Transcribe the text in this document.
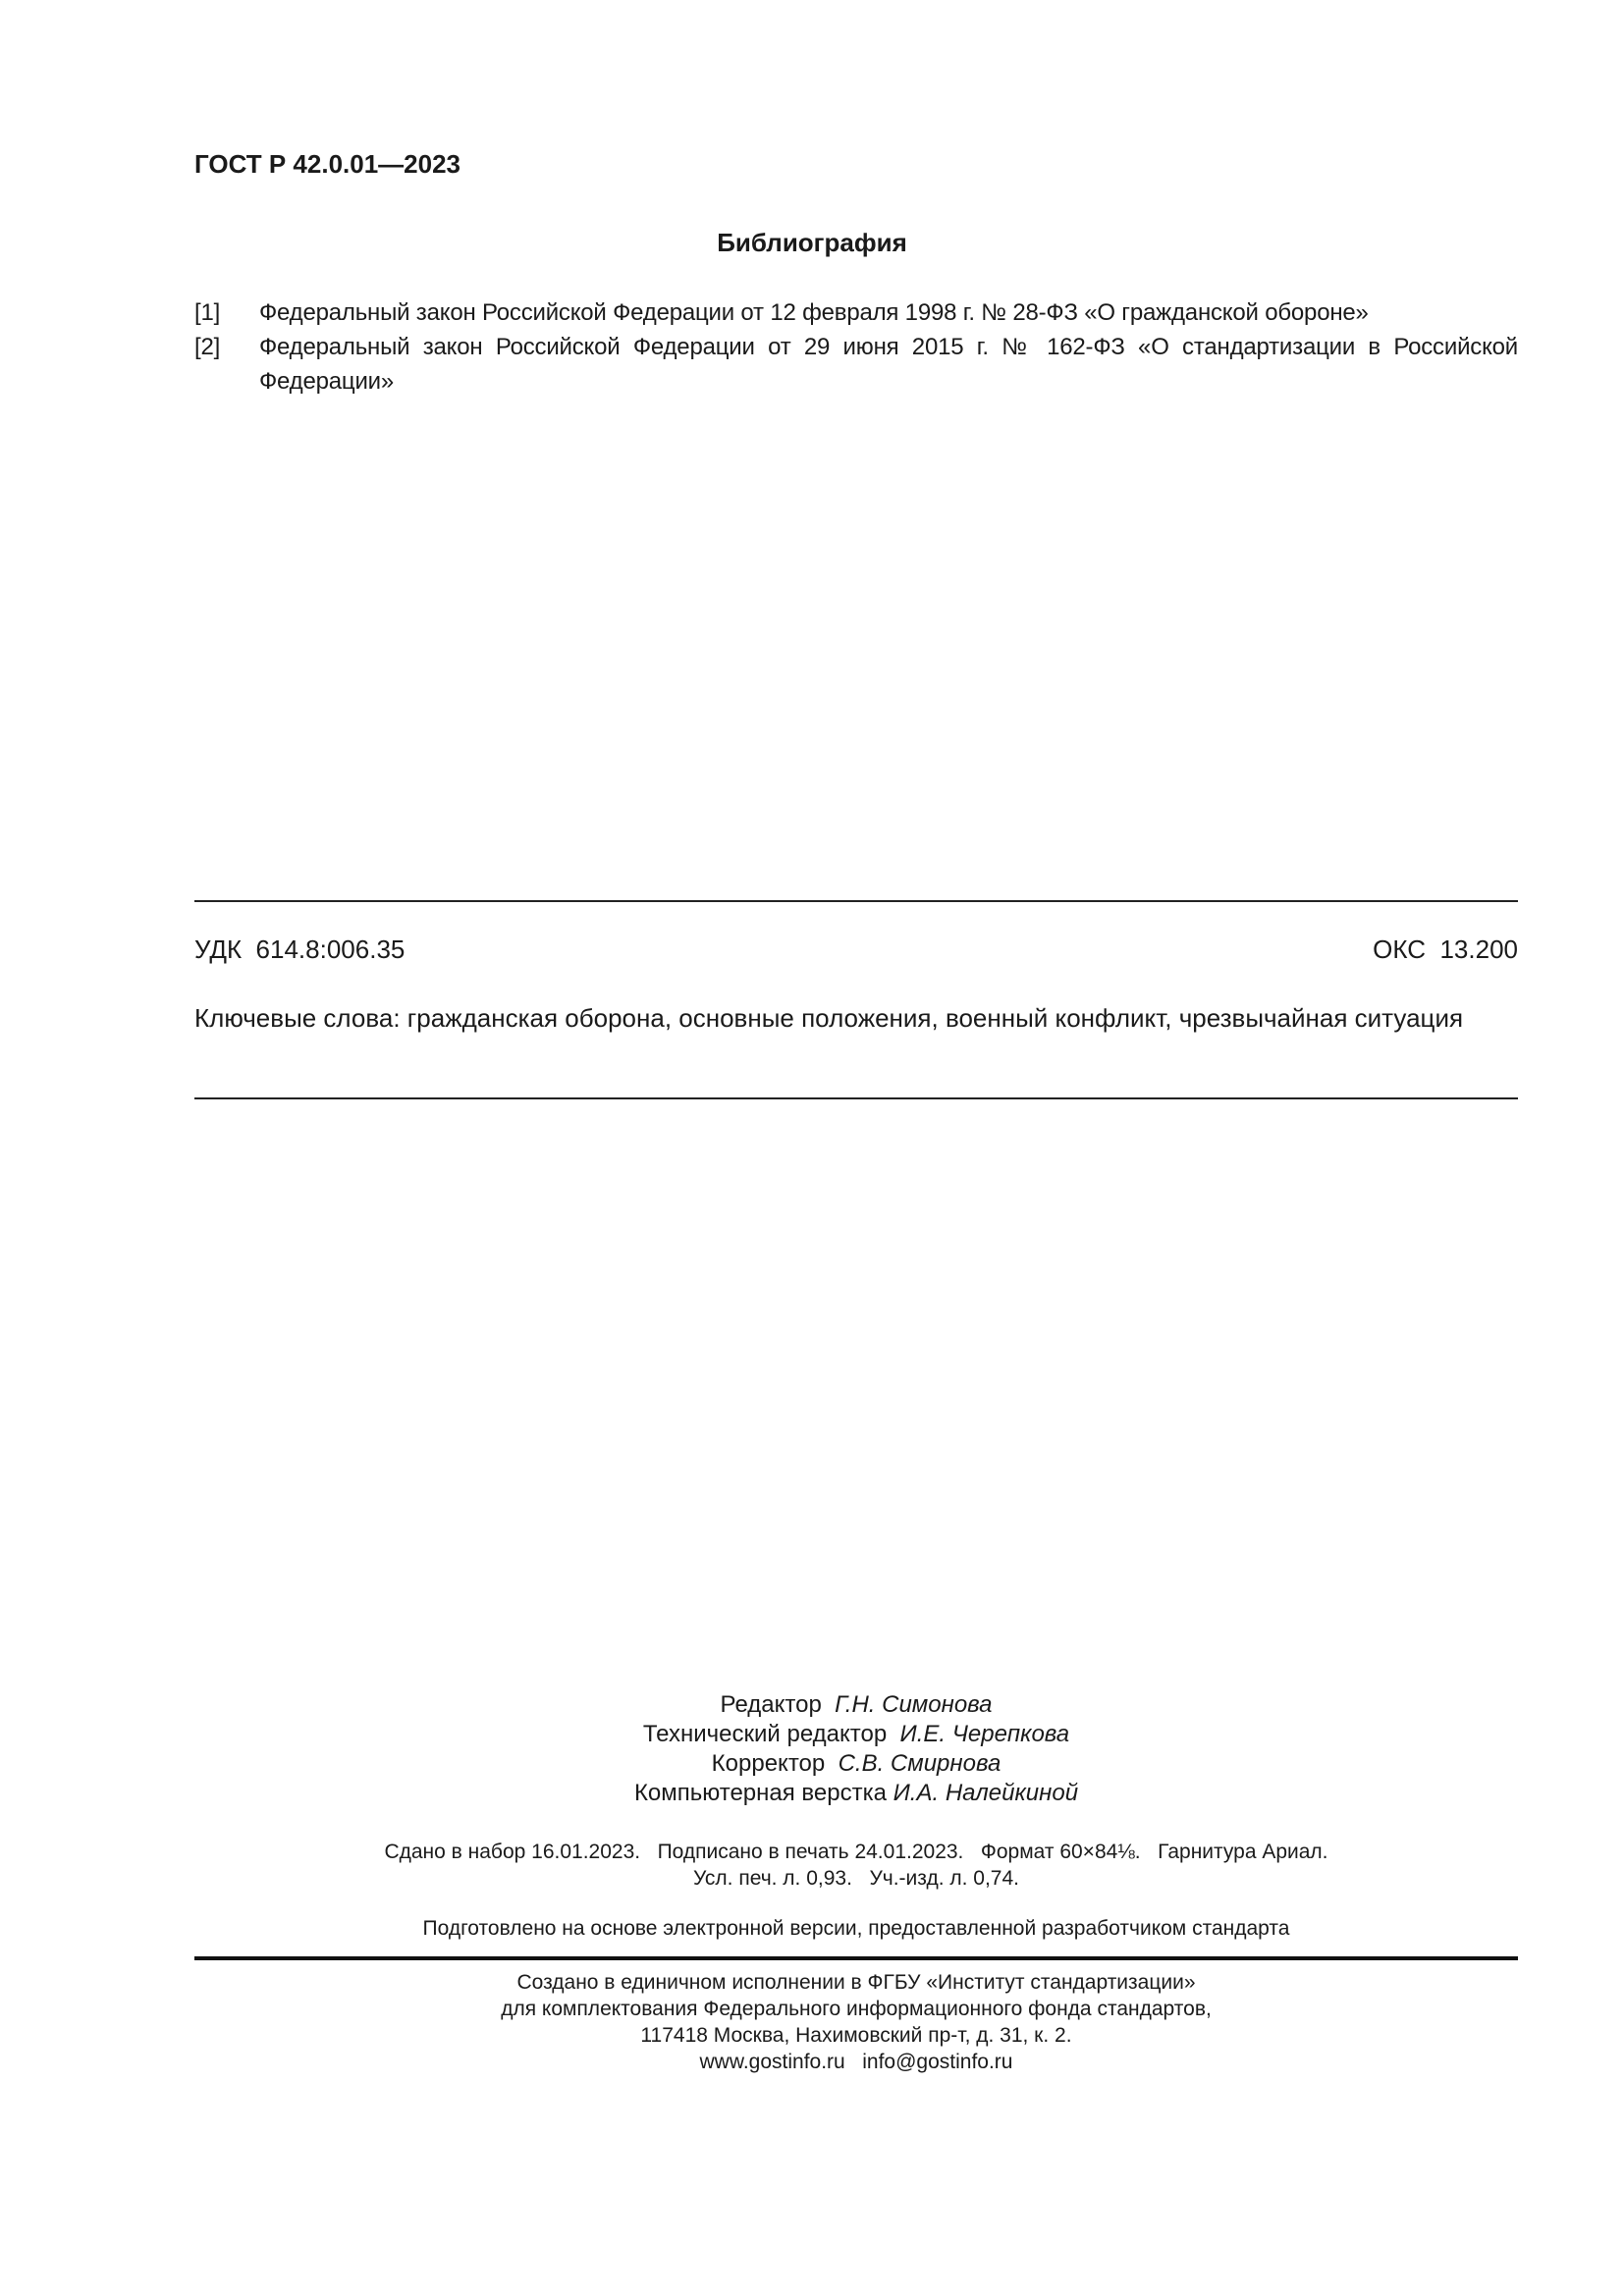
ГОСТ Р 42.0.01—2023
Библиография
[1]	Федеральный закон Российской Федерации от 12 февраля 1998 г. № 28-ФЗ «О гражданской обороне»
[2]	Федеральный закон Российской Федерации от 29 июня 2015 г. № 162-ФЗ «О стандартизации в Российской Федерации»
УДК  614.8:006.35	ОКС  13.200
Ключевые слова: гражданская оборона, основные положения, военный конфликт, чрезвычайная ситуация
Редактор Г.Н. Симонова
Технический редактор И.Е. Черепкова
Корректор С.В. Смирнова
Компьютерная верстка И.А. Налейкиной
Сдано в набор 16.01.2023.   Подписано в печать 24.01.2023.   Формат 60×84⅛.   Гарнитура Ариал.
Усл. печ. л. 0,93.   Уч.-изд. л. 0,74.
Подготовлено на основе электронной версии, предоставленной разработчиком стандарта
Создано в единичном исполнении в ФГБУ «Институт стандартизации»
для комплектования Федерального информационного фонда стандартов,
117418 Москва, Нахимовский пр-т, д. 31, к. 2.
www.gostinfo.ru info@gostinfo.ru
